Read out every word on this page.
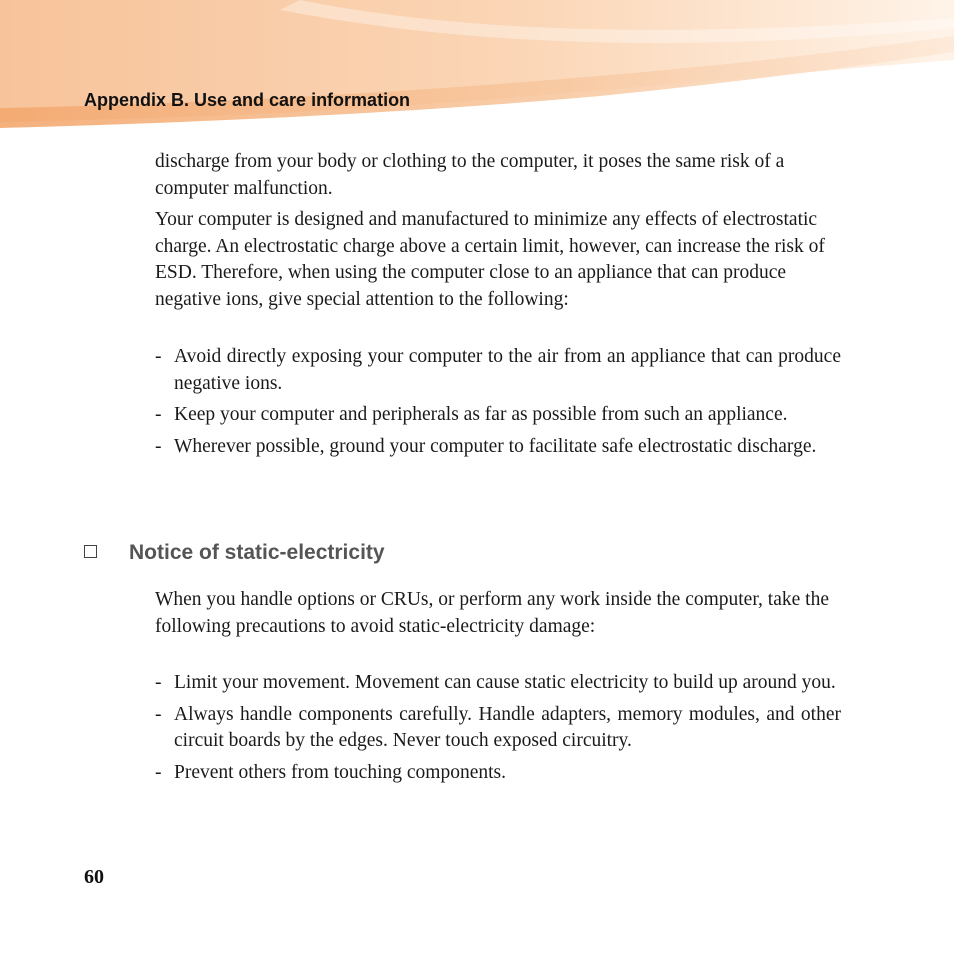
Appendix B. Use and care information

discharge from your body or clothing to the computer, it poses the same risk of a computer malfunction.

Your computer is designed and manufactured to minimize any effects of electrostatic charge. An electrostatic charge above a certain limit, however, can increase the risk of ESD. Therefore, when using the computer close to an appliance that can produce negative ions, give special attention to the following:

- Avoid directly exposing your computer to the air from an appliance that can produce negative ions.
- Keep your computer and peripherals as far as possible from such an appliance.
- Wherever possible, ground your computer to facilitate safe electrostatic discharge.
Notice of static-electricity

When you handle options or CRUs, or perform any work inside the computer, take the following precautions to avoid static-electricity damage:

- Limit your movement. Movement can cause static electricity to build up around you.
- Always handle components carefully. Handle adapters, memory modules, and other circuit boards by the edges. Never touch exposed circuitry.
- Prevent others from touching components.
60
